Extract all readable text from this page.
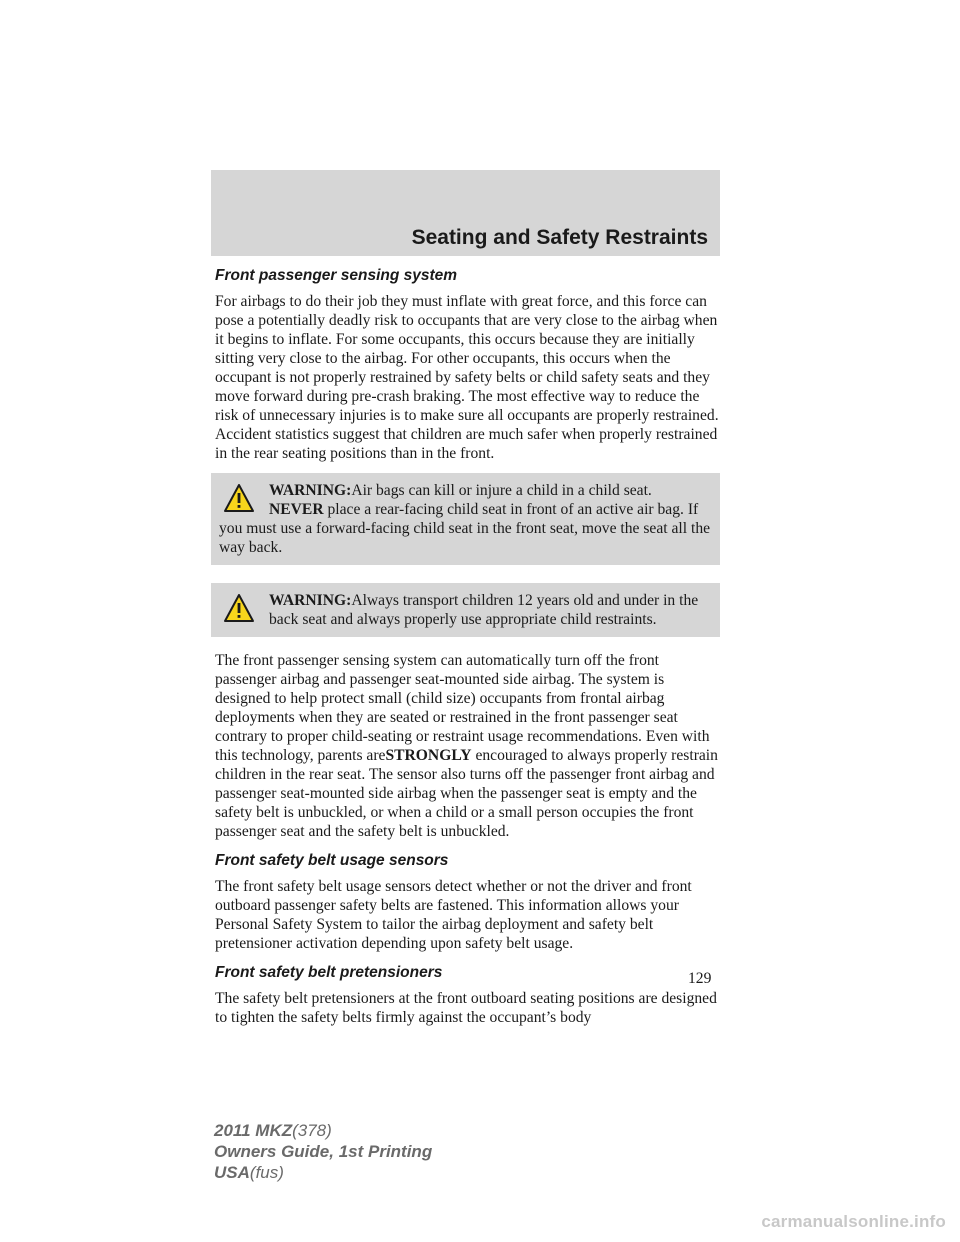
Seating and Safety Restraints
Front passenger sensing system

For airbags to do their job they must inflate with great force, and this force can pose a potentially deadly risk to occupants that are very close to the airbag when it begins to inflate. For some occupants, this occurs because they are initially sitting very close to the airbag. For other occupants, this occurs when the occupant is not properly restrained by safety belts or child safety seats and they move forward during pre-crash braking. The most effective way to reduce the risk of unnecessary injuries is to make sure all occupants are properly restrained. Accident statistics suggest that children are much safer when properly restrained in the rear seating positions than in the front.

WARNING:Air bags can kill or injure a child in a child seat.
NEVER place a rear-facing child seat in front of an active air bag. If you must use a forward-facing child seat in the front seat, move the seat all the way back.
WARNING:Always transport children 12 years old and under in the back seat and always properly use appropriate child restraints.

The front passenger sensing system can automatically turn off the front passenger airbag and passenger seat-mounted side airbag. The system is designed to help protect small (child size) occupants from frontal airbag deployments when they are seated or restrained in the front passenger seat contrary to proper child-seating or restraint usage recommendations. Even with this technology, parents areSTRONGLY encouraged to always properly restrain children in the rear seat. The sensor also turns off the passenger front airbag and passenger seat-mounted side airbag when the passenger seat is empty and the safety belt is unbuckled, or when a child or a small person occupies the front passenger seat and the safety belt is unbuckled.

Front safety belt usage sensors

The front safety belt usage sensors detect whether or not the driver and front outboard passenger safety belts are fastened. This information allows your Personal Safety System to tailor the airbag deployment and safety belt pretensioner activation depending upon safety belt usage.

Front safety belt pretensioners

The safety belt pretensioners at the front outboard seating positions are designed to tighten the safety belts firmly against the occupant’s body

129
2011 MKZ(378)
Owners Guide, 1st Printing
USA(fus)
carmanualsonline.info
